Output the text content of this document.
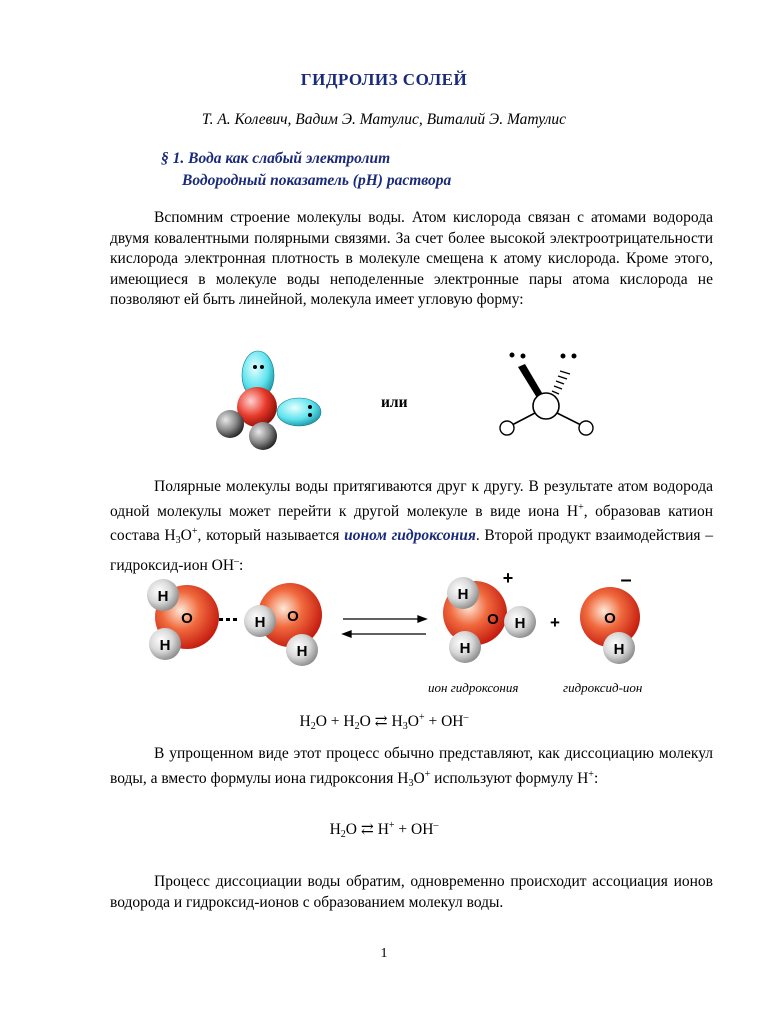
ГИДРОЛИЗ СОЛЕЙ
Т. А. Колевич, Вадим Э. Матулис, Виталий Э. Матулис
§ 1. Вода как слабый электролит
Водородный показатель (рН) раствора
Вспомним строение молекулы воды. Атом кислорода связан с атомами водорода двумя ковалентными полярными связями. За счет более высокой электроотрицательности кислорода электронная плотность в молекуле смещена к атому кислорода. Кроме этого, имеющиеся в молекуле воды неподеленные электронные пары атома кислорода не позволяют ей быть линейной, молекула имеет угловую форму:
или
Полярные молекулы воды притягиваются друг к другу. В результате атом водорода одной молекулы может перейти к другой молекуле в виде иона Н+, образовав катион состава $Н_3О^+$, который называется ионом гидроксония. Второй продукт взаимодействия – гидроксид-ион ОН–:
H
O
H
H O
H
H
O H
H
+
+	O
H
–
ион гидроксония	гидроксид-ион
$H_2O + H_2O$ ⇄ $H_3O^+ + OH^-$
В упрощенном виде этот процесс обычно представляют, как диссоциацию молекул воды, а вместо формулы иона гидроксония $Н_3О^+$ используют формулу Н+:
$H_2O$ ⇄ H+ + OH–
Процесс диссоциации воды обратим, одновременно происходит ассоциация ионов водорода и гидроксид-ионов с образованием молекул воды.
1
